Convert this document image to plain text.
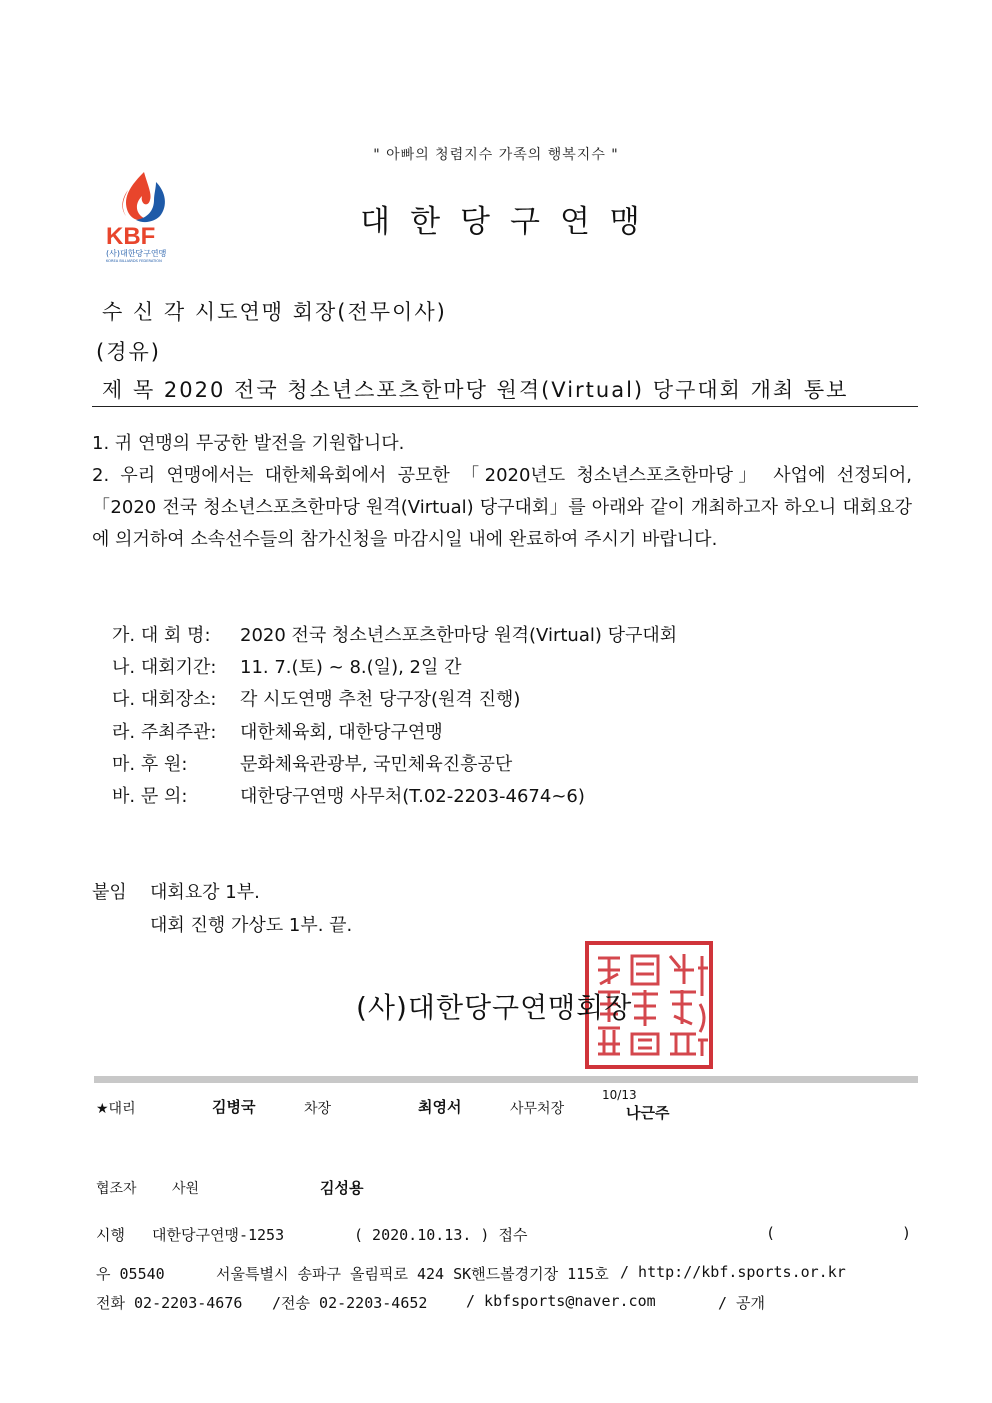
" 아빠의 청렴지수 가족의 행복지수 "
KBF
(사)대한당구연맹
KOREA BILLIARDS FEDERATION
대한당구연맹
수 신 각 시도연맹 회장(전무이사)
(경유)
제 목 2020 전국 청소년스포츠한마당 원격(Virtual) 당구대회 개최 통보
1. 귀 연맹의 무궁한 발전을 기원합니다.
2. 우리 연맹에서는 대한체육회에서 공모한 「2020년도 청소년스포츠한마당」 사업에 선정되어, 「2020 전국 청소년스포츠한마당 원격(Virtual) 당구대회」를 아래와 같이 개최하고자 하오니 대회요강에 의거하여 소속선수들의 참가신청을 마감시일 내에 완료하여 주시기 바랍니다.
가. 대 회 명: 2020 전국 청소년스포츠한마당 원격(Virtual) 당구대회
나. 대회기간: 11. 7.(토) ~ 8.(일), 2일 간
다. 대회장소: 각 시도연맹 추천 당구장(원격 진행)
라. 주최주관: 대한체육회, 대한당구연맹
마. 후 원:	문화체육관광부, 국민체육진흥공단
바. 문 의:	대한당구연맹 사무처(T.02-2203-4674~6)
붙임 대회요강 1부.
대회 진행 가상도 1부. 끝.
(사)대한당구연맹회장
★대리	김병국	차장	최영서	사무처장
10/13
나근주
협조자	사원	김성용
시행 대한당구연맹-1253	( 2020.10.13. ) 접수	(	)
우 05540	서울특별시 송파구 올림픽로 424 SK핸드볼경기장 115호 / http://kbf.sports.or.kr
전화 02-2203-4676 /전송 02-2203-4652	/ kbfsports@naver.com	/ 공개
